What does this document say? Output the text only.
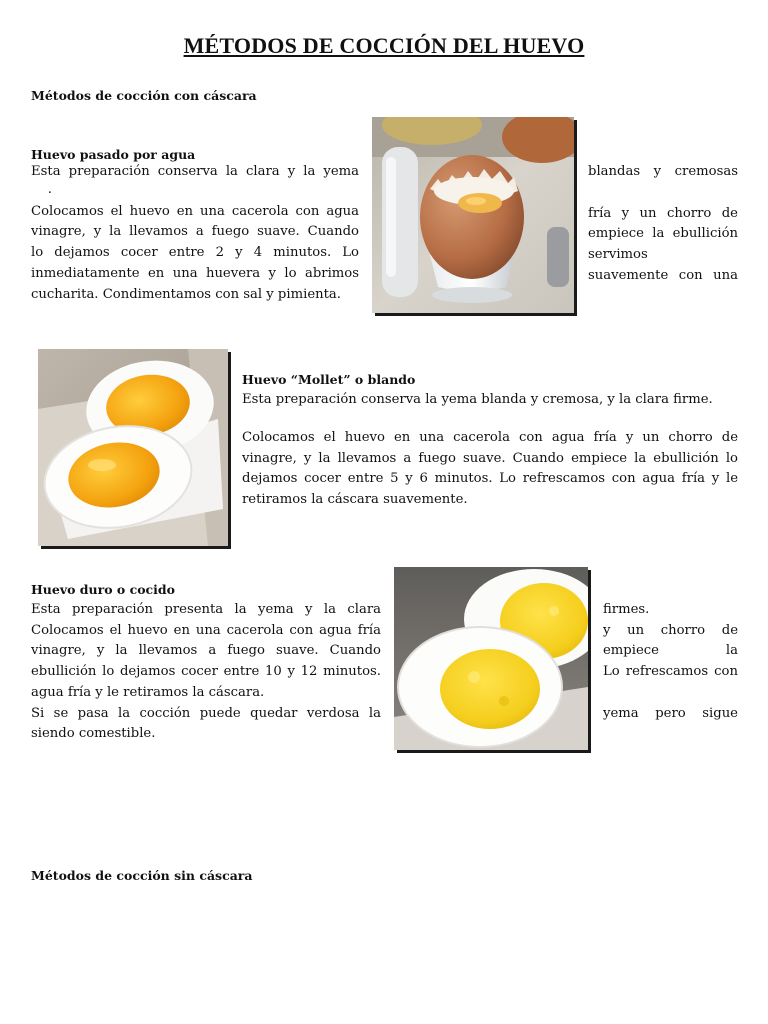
MÉTODOS DE COCCIÓN DEL HUEVO
Métodos de cocción con cáscara
Huevo pasado por agua
Esta preparación conserva la clara y la yema
.
Colocamos el huevo en una cacerola con agua
vinagre, y la llevamos a fuego suave. Cuando
lo dejamos cocer entre 2 y 4 minutos. Lo
inmediatamente en una huevera y lo abrimos
cucharita. Condimentamos con sal y pimienta.
blandas y cremosas
fría y un chorro de
empiece la ebullición
servimos
suavemente con una
Huevo “Mollet” o blando
Esta preparación conserva la yema blanda y cremosa, y la clara firme.
Colocamos el huevo en una cacerola con agua fría y un chorro de vinagre, y la llevamos a fuego suave. Cuando empiece la ebullición lo dejamos cocer entre 5 y 6 minutos. Lo refrescamos con agua fría y le retiramos la cáscara suavemente.
Huevo duro o cocido
Esta preparación presenta la yema y la clara
Colocamos el huevo en una cacerola con agua fría
vinagre, y la llevamos a fuego suave. Cuando
ebullición lo dejamos cocer entre 10 y 12 minutos.
agua fría y le retiramos la cáscara.
Si se pasa la cocción puede quedar verdosa la
siendo comestible.
firmes.
y un chorro de
empiece la
Lo refrescamos con
yema pero sigue
Métodos de cocción sin cáscara
